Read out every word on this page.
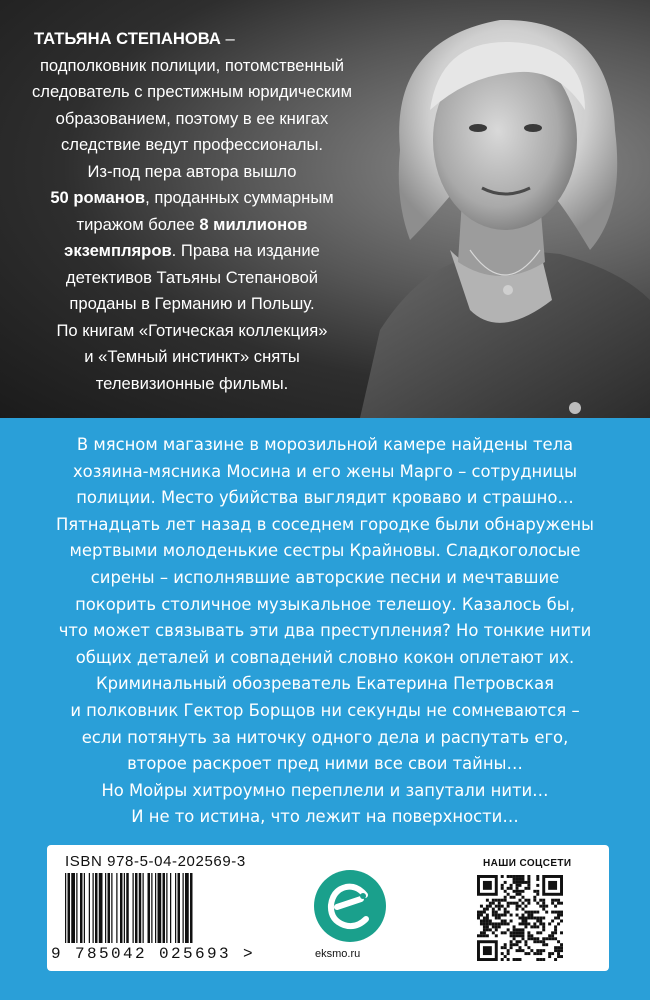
ТАТЬЯНА СТЕПАНОВА –
подполковник полиции, потомственный
следователь с престижным юридическим
образованием, поэтому в ее книгах
следствие ведут профессионалы.
Из-под пера автора вышло
50 романов, проданных суммарным
тиражом более 8 миллионов
экземпляров. Права на издание
детективов Татьяны Степановой
проданы в Германию и Польшу.
По книгам «Готическая коллекция»
и «Темный инстинкт» сняты
телевизионные фильмы.
В мясном магазине в морозильной камере найдены тела
хозяина-мясника Мосина и его жены Марго – сотрудницы
полиции. Место убийства выглядит кроваво и страшно…
Пятнадцать лет назад в соседнем городке были обнаружены
мертвыми молоденькие сестры Крайновы. Сладкоголосые
сирены – исполнявшие авторские песни и мечтавшие
покорить столичное музыкальное телешоу. Казалось бы,
что может связывать эти два преступления? Но тонкие нити
общих деталей и совпадений словно кокон оплетают их.
Криминальный обозреватель Екатерина Петровская
и полковник Гектор Борщов ни секунды не сомневаются –
если потянуть за ниточку одного дела и распутать его,
второе раскроет пред ними все свои тайны…
Но Мойры хитроумно переплели и запутали нити…
И не то истина, что лежит на поверхности…
ISBN 978-5-04-202569-3
9 785042 025693 >	eksmo.ru
НАШИ СОЦСЕТИ
